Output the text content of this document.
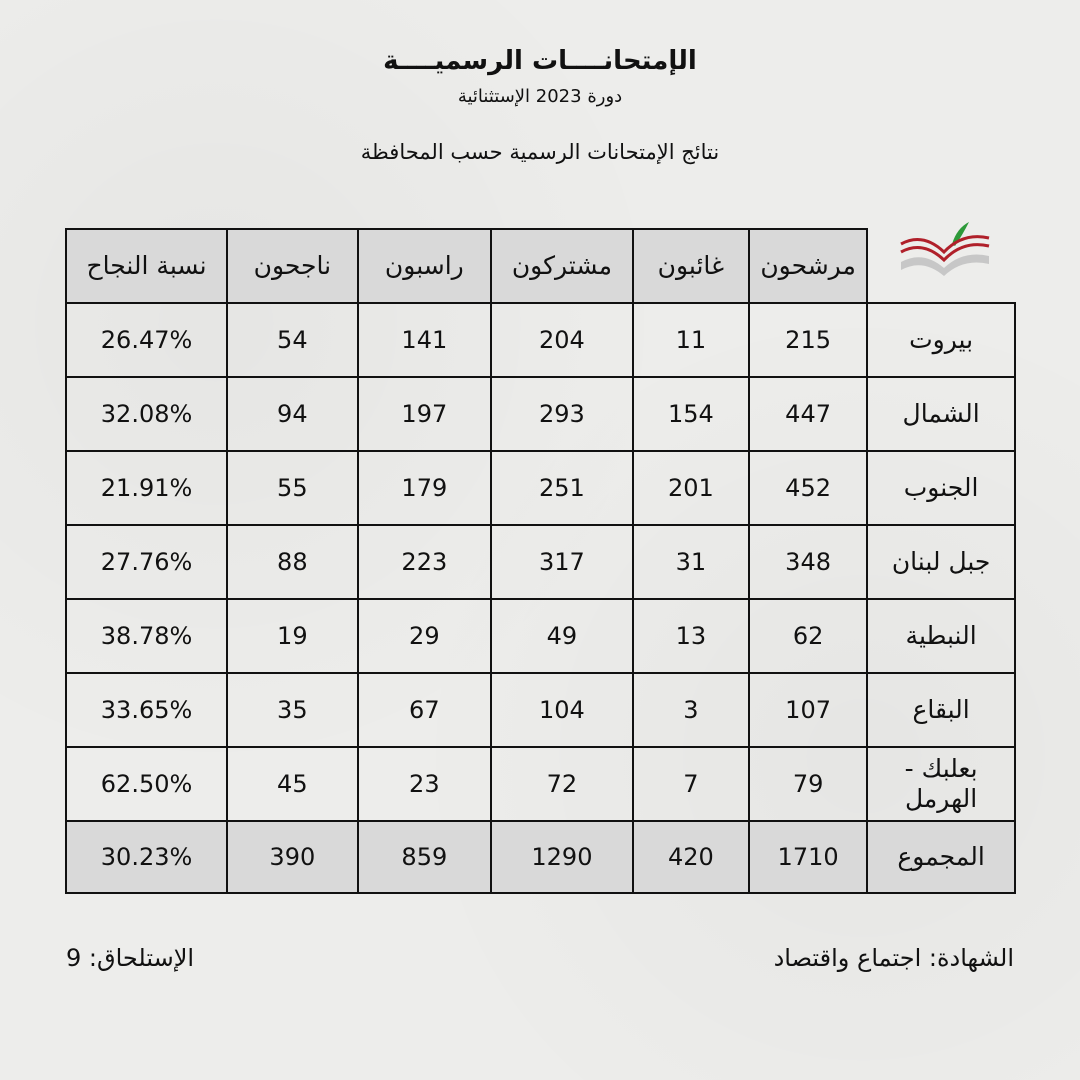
الإمتحانــــات الرسميــــة
دورة 2023 الإستثنائية
نتائج الإمتحانات الرسمية حسب المحافظة
	مرشحون	غائبون	مشتركون	راسبون	ناجحون	نسبة النجاح
بيروت	215	11	204	141	54	26.47%
الشمال	447	154	293	197	94	32.08%
الجنوب	452	201	251	179	55	21.91%
جبل لبنان	348	31	317	223	88	27.76%
النبطية	62	13	49	29	19	38.78%
البقاع	107	3	104	67	35	33.65%
بعلبك - الهرمل	79	7	72	23	45	62.50%
المجموع	1710	420	1290	859	390	30.23%
الشهادة: اجتماع واقتصاد
الإستلحاق: 9
